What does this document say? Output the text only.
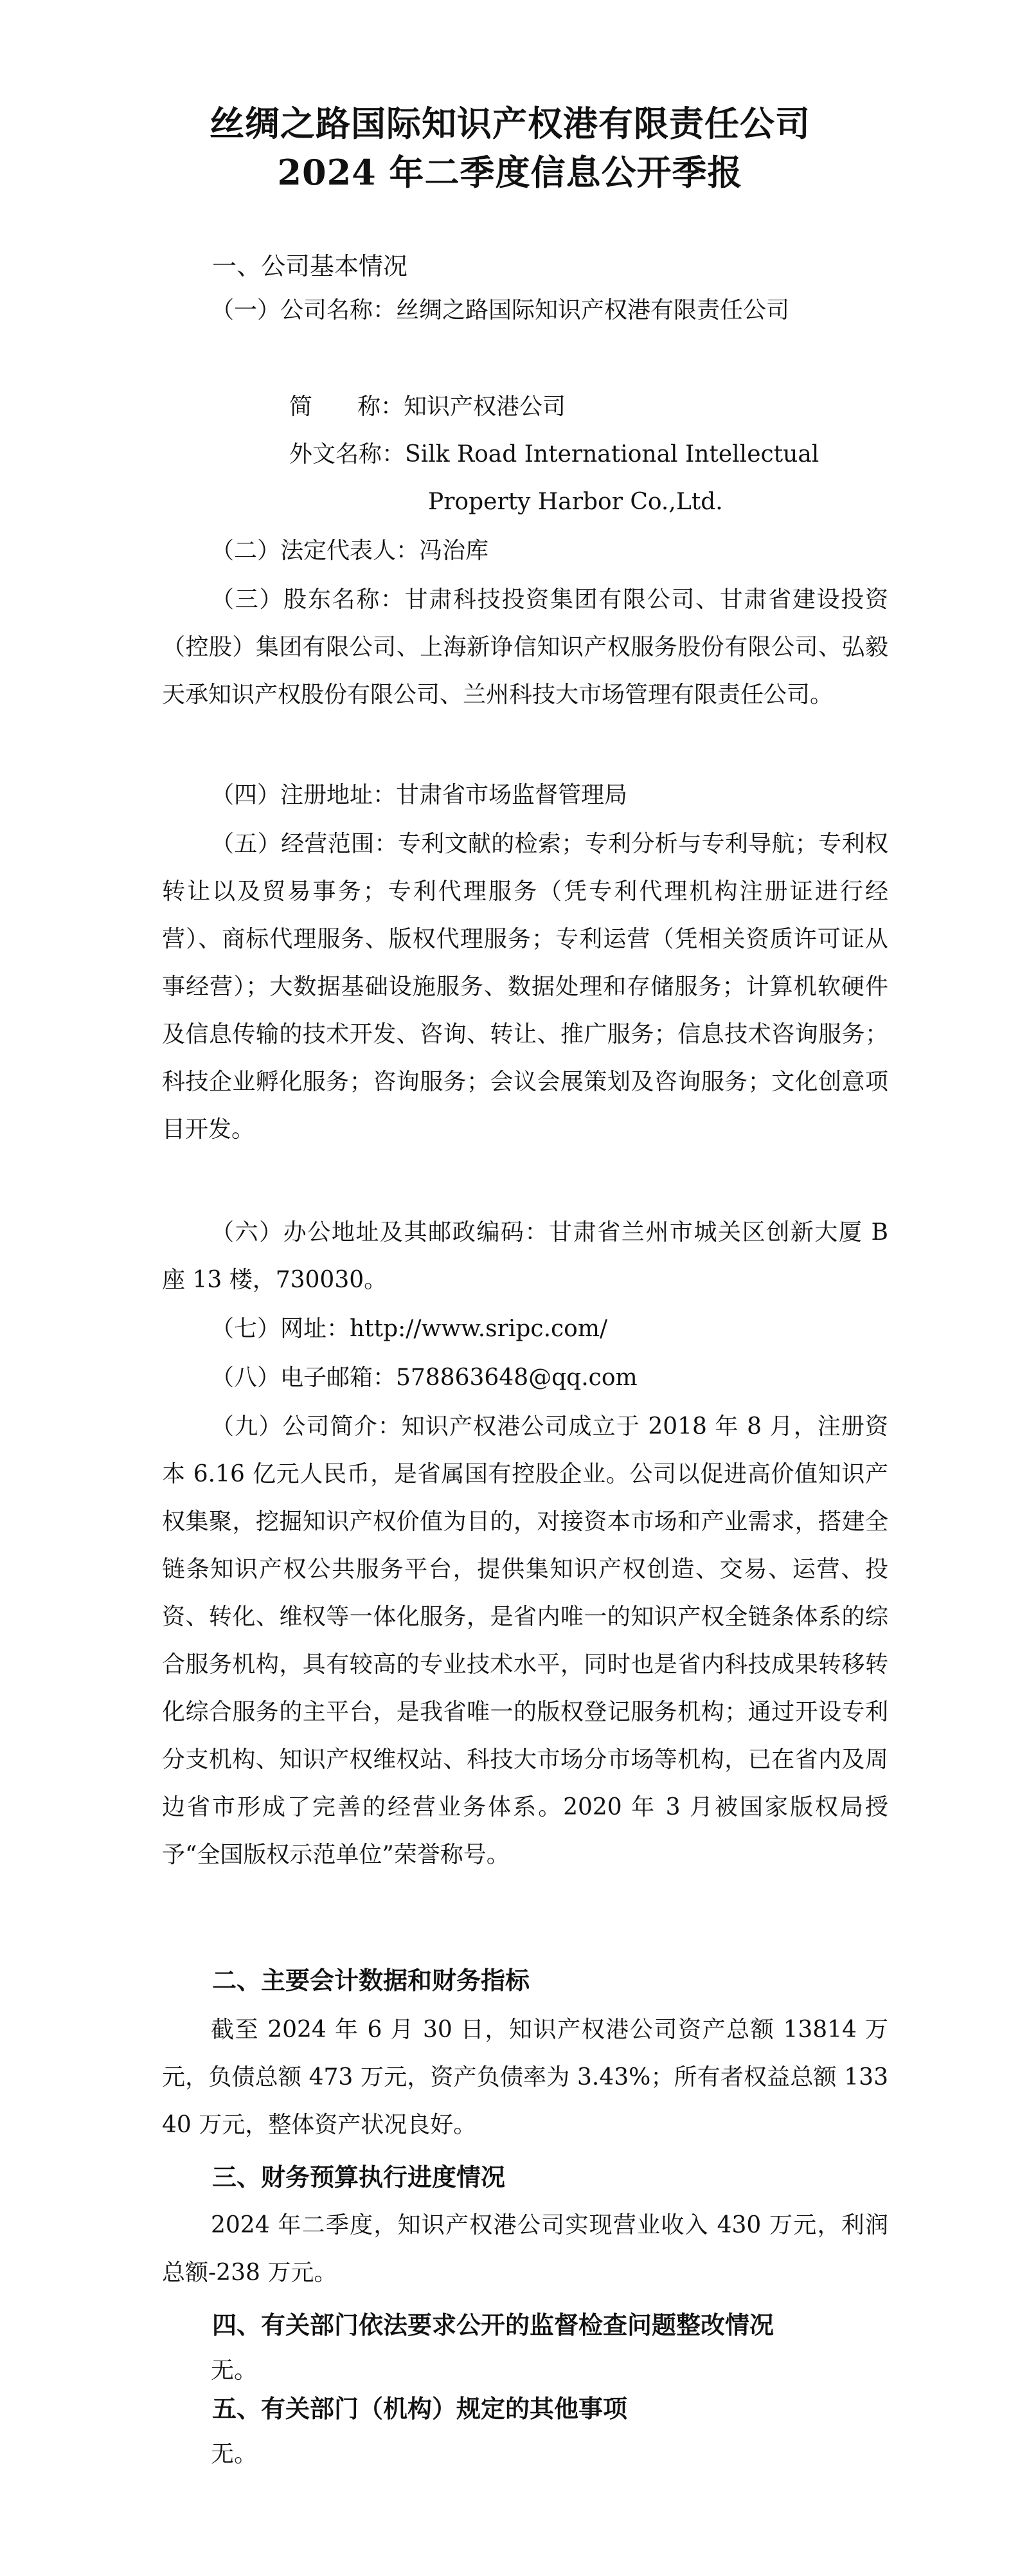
丝绸之路国际知识产权港有限责任公司
2024 年二季度信息公开季报
一、公司基本情况
（一）公司名称：丝绸之路国际知识产权港有限责任公司
简 称：知识产权港公司
外文名称：Silk Road International Intellectual
Property Harbor Co.,Ltd.
（二）法定代表人：冯治库
（三）股东名称：甘肃科技投资集团有限公司、甘肃省建设投资（控股）集团有限公司、上海新诤信知识产权服务股份有限公司、弘毅天承知识产权股份有限公司、兰州科技大市场管理有限责任公司。
（四）注册地址：甘肃省市场监督管理局
（五）经营范围：专利文献的检索；专利分析与专利导航；专利权转让以及贸易事务；专利代理服务（凭专利代理机构注册证进行经营）、商标代理服务、版权代理服务；专利运营（凭相关资质许可证从事经营）；大数据基础设施服务、数据处理和存储服务；计算机软硬件及信息传输的技术开发、咨询、转让、推广服务；信息技术咨询服务；科技企业孵化服务；咨询服务；会议会展策划及咨询服务；文化创意项目开发。
（六）办公地址及其邮政编码：甘肃省兰州市城关区创新大厦 B 座 13 楼，730030。
（七）网址：http://www.sripc.com/
（八）电子邮箱：578863648@qq.com
（九）公司简介：知识产权港公司成立于 2018 年 8 月，注册资本 6.16 亿元人民币，是省属国有控股企业。公司以促进高价值知识产权集聚，挖掘知识产权价值为目的，对接资本市场和产业需求，搭建全链条知识产权公共服务平台，提供集知识产权创造、交易、运营、投资、转化、维权等一体化服务，是省内唯一的知识产权全链条体系的综合服务机构，具有较高的专业技术水平，同时也是省内科技成果转移转化综合服务的主平台，是我省唯一的版权登记服务机构；通过开设专利分支机构、知识产权维权站、科技大市场分市场等机构，已在省内及周边省市形成了完善的经营业务体系。2020 年 3 月被国家版权局授予“全国版权示范单位”荣誉称号。
二、主要会计数据和财务指标
截至 2024 年 6 月 30 日，知识产权港公司资产总额 13814 万元，负债总额 473 万元，资产负债率为 3.43%；所有者权益总额 13340 万元，整体资产状况良好。
三、财务预算执行进度情况
2024 年二季度，知识产权港公司实现营业收入 430 万元，利润总额-238 万元。
四、有关部门依法要求公开的监督检查问题整改情况
无。
五、有关部门（机构）规定的其他事项
无。
